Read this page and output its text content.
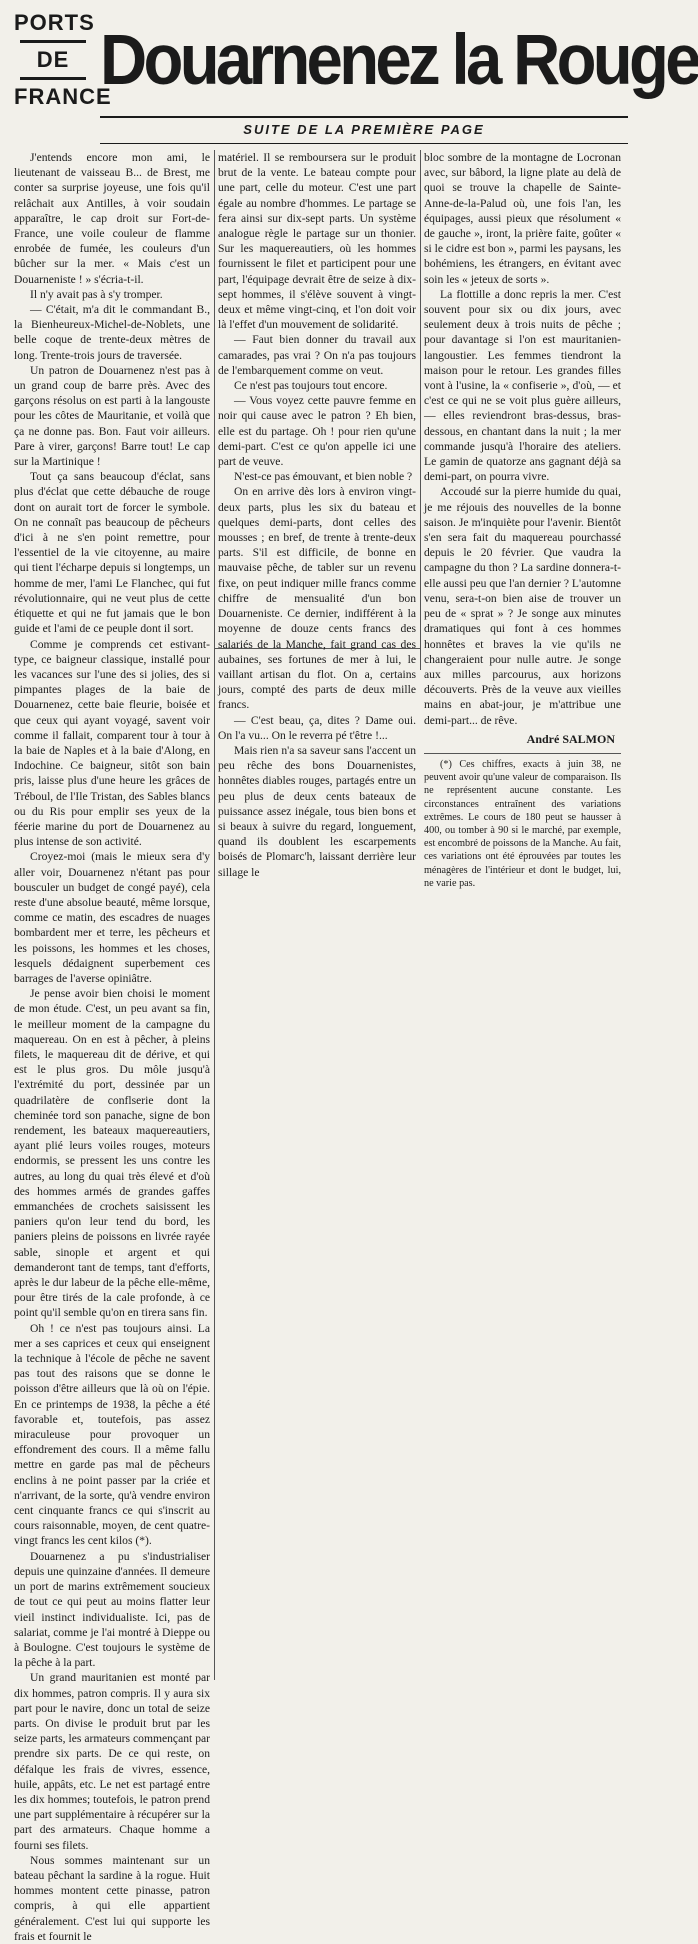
PORTS
DE
FRANCE
Douarnenez la Rouge
SUITE DE LA PREMIÈRE PAGE

J'entends encore mon ami, le lieutenant de vaisseau B... de Brest, me conter sa surprise joyeuse, une fois qu'il relâchait aux Antilles, à voir soudain apparaître, le cap droit sur Fort-de-France, une voile couleur de flamme enrobée de fumée, les couleurs d'un bûcher sur la mer. « Mais c'est un Douarneniste ! » s'écria-t-il.

Il n'y avait pas à s'y tromper.

— C'était, m'a dit le commandant B., la Bienheureux-Michel-de-Noblets, une belle coque de trente-deux mètres de long. Trente-trois jours de traversée.

Un patron de Douarnenez n'est pas à un grand coup de barre près. Avec des garçons résolus on est parti à la langouste pour les côtes de Mauritanie, et voilà que ça ne donne pas. Bon. Faut voir ailleurs. Pare à virer, garçons! Barre tout! Le cap sur la Martinique !

Tout ça sans beaucoup d'éclat, sans plus d'éclat que cette débauche de rouge dont on aurait tort de forcer le symbole. On ne connaît pas beaucoup de pêcheurs d'ici à ne s'en point remettre, pour l'essentiel de la vie citoyenne, au maire qui tient l'écharpe depuis si longtemps, un homme de mer, l'ami Le Flanchec, qui fut révolutionnaire, qui ne veut plus de cette étiquette et qui ne fut jamais que le bon guide et l'ami de ce peuple dont il sort.

Comme je comprends cet estivant-type, ce baigneur classique, installé pour les vacances sur l'une des si jolies, des si pimpantes plages de la baie de Douarnenez, cette baie fleurie, boisée et que ceux qui ayant voyagé, savent voir comme il fallait, comparent tour à tour à la baie de Naples et à la baie d'Along, en Indochine. Ce baigneur, sitôt son bain pris, laisse plus d'une heure les grâces de Tréboul, de l'Ile Tristan, des Sables blancs ou du Ris pour emplir ses yeux de la féerie marine du port de Douarnenez au plus intense de son activité.

Croyez-moi (mais le mieux sera d'y aller voir, Douarnenez n'étant pas pour bousculer un budget de congé payé), cela reste d'une absolue beauté, même lorsque, comme ce matin, des escadres de nuages bombardent mer et terre, les pêcheurs et les poissons, les hommes et les choses, lesquels dédaignent superbement ces barrages de l'averse opiniâtre.

Je pense avoir bien choisi le moment de mon étude. C'est, un peu avant sa fin, le meilleur moment de la campagne du maquereau. On en est à pêcher, à pleins filets, le maquereau dit de dérive, et qui est le plus gros. Du môle jusqu'à l'extrémité du port, dessinée par un quadrilatère de conflserie dont la cheminée tord son panache, signe de bon rendement, les bateaux maquereautiers, ayant plié leurs voiles rouges, moteurs endormis, se pressent les uns contre les autres, au long du quai très élevé et d'où des hommes armés de grandes gaffes emmanchées de crochets saisissent les paniers qu'on leur tend du bord, les paniers pleins de poissons en livrée rayée sable, sinople et argent et qui demanderont tant de temps, tant d'efforts, après le dur labeur de la pêche elle-même, pour être tirés de la cale profonde, à ce point qu'il semble qu'on en tirera sans fin.

Oh ! ce n'est pas toujours ainsi. La mer a ses caprices et ceux qui enseignent la technique à l'école de pêche ne savent pas tout des raisons que se donne le poisson d'être ailleurs que là où on l'épie. En ce printemps de 1938, la pêche a été favorable et, toutefois, pas assez miraculeuse pour provoquer un effondrement des cours. Il a même fallu mettre en garde pas mal de pêcheurs enclins à ne point passer par la criée et n'arrivant, de la sorte, qu'à vendre environ cent cinquante francs ce qui s'inscrit au cours raisonnable, moyen, de cent quatre-vingt francs les cent kilos (*).

Douarnenez a pu s'industrialiser depuis une quinzaine d'années. Il demeure un port de marins extrêmement soucieux de tout ce qui peut au moins flatter leur vieil instinct individualiste. Ici, pas de salariat, comme je l'ai montré à Dieppe ou à Boulogne. C'est toujours le système de la pêche à la part.

Un grand mauritanien est monté par dix hommes, patron compris. Il y aura six part pour le navire, donc un total de seize parts. On divise le produit brut par les seize parts, les armateurs commençant par prendre six parts. De ce qui reste, on défalque les frais de vivres, essence, huile, appâts, etc. Le net est partagé entre les dix hommes; toutefois, le patron prend une part supplémentaire à récupérer sur la part des armateurs. Chaque homme a fourni ses filets.

Nous sommes maintenant sur un bateau pêchant la sardine à la rogue. Huit hommes montent cette pinasse, patron compris, à qui elle appartient généralement. C'est lui qui supporte les frais et fournit le

matériel. Il se remboursera sur le produit brut de la vente. Le bateau compte pour une part, celle du moteur. C'est une part égale au nombre d'hommes. Le partage se fera ainsi sur dix-sept parts. Un système analogue règle le partage sur un thonier. Sur les maquereautiers, où les hommes fournissent le filet et participent pour une part, l'équipage devrait être de seize à dix-sept hommes, il s'élève souvent à vingt-deux et même vingt-cinq, et l'on doit voir là l'effet d'un mouvement de solidarité.

— Faut bien donner du travail aux camarades, pas vrai ? On n'a pas toujours de l'embarquement comme on veut.

Ce n'est pas toujours tout encore.

— Vous voyez cette pauvre femme en noir qui cause avec le patron ? Eh bien, elle est du partage. Oh ! pour rien qu'une demi-part. C'est ce qu'on appelle ici une part de veuve.

N'est-ce pas émouvant, et bien noble ?

On en arrive dès lors à environ vingt-deux parts, plus les six du bateau et quelques demi-parts, dont celles des mousses ; en bref, de trente à trente-deux parts. S'il est difficile, de bonne en mauvaise pêche, de tabler sur un revenu fixe, on peut indiquer mille francs comme chiffre de mensualité d'un bon Douarneniste. Ce dernier, indifférent à la moyenne de douze cents francs des salariés de la Manche, fait grand cas des aubaines, ses fortunes de mer à lui, le vaillant artisan du flot. On a, certains jours, compté des parts de deux mille francs.

— C'est beau, ça, dites ? Dame oui. On l'a vu... On le reverra pé t'être !...

Mais rien n'a sa saveur sans l'accent un peu rêche des bons Douarnenistes, honnêtes diables rouges, partagés entre un peu plus de deux cents bateaux de puissance assez inégale, tous bien bons et si beaux à suivre du regard, longuement, quand ils doublent les escarpements boisés de Plomarc'h, laissant derrière leur sillage le

bloc sombre de la montagne de Locronan avec, sur bâbord, la ligne plate au delà de quoi se trouve la chapelle de Sainte-Anne-de-la-Palud où, une fois l'an, les équipages, aussi pieux que résolument « de gauche », iront, la prière faite, goûter « si le cidre est bon », parmi les paysans, les bohémiens, les étrangers, en évitant avec soin les « jeteux de sorts ».

La flottille a donc repris la mer. C'est souvent pour six ou dix jours, avec seulement deux à trois nuits de pêche ; pour davantage si l'on est mauritanien-langoustier. Les femmes tiendront la maison pour le retour. Les grandes filles vont à l'usine, la « confiserie », d'où, — et c'est ce qui ne se voit plus guère ailleurs, — elles reviendront bras-dessus, bras-dessous, en chantant dans la nuit ; la mer commande jusqu'à l'horaire des ateliers. Le gamin de quatorze ans gagnant déjà sa demi-part, on pourra vivre.

Accoudé sur la pierre humide du quai, je me réjouis des nouvelles de la bonne saison. Je m'inquiète pour l'avenir. Bientôt s'en sera fait du maquereau pourchassé depuis le 20 février. Que vaudra la campagne du thon ? La sardine donnera-t-elle aussi peu que l'an dernier ? L'automne venu, sera-t-on bien aise de trouver un peu de « sprat » ? Je songe aux minutes dramatiques qui font à ces hommes honnêtes et braves la vie qu'ils ne changeraient pour nulle autre. Je songe aux milles parcourus, aux horizons découverts. Près de la veuve aux vieilles mains en abat-jour, je m'attribue une demi-part... de rêve.

André SALMON

(*) Ces chiffres, exacts à juin 38, ne peuvent avoir qu'une valeur de comparaison. Ils ne représentent aucune constante. Les circonstances entraînent des variations extrêmes. Le cours de 180 peut se hausser à 400, ou tomber à 90 si le marché, par exemple, est encombré de poissons de la Manche. Au fait, ces variations ont été éprouvées par toutes les ménagères de l'intérieur et dont le budget, lui, ne varie pas.
